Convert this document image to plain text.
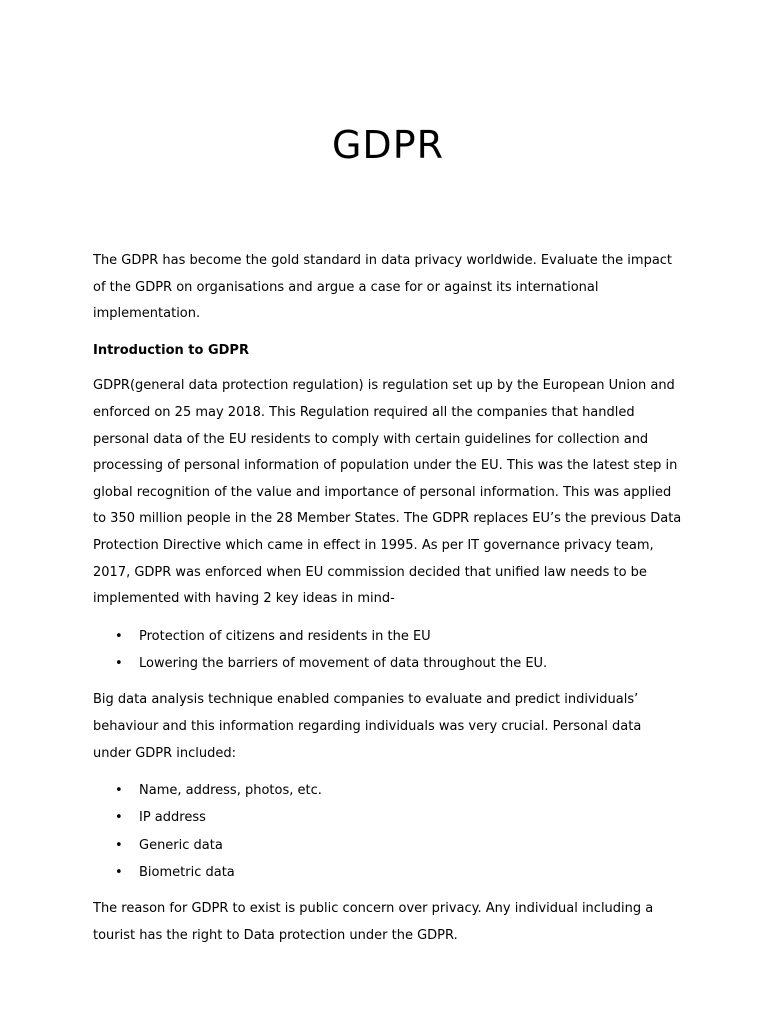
GDPR

The GDPR has become the gold standard in data privacy worldwide. Evaluate the impact of the GDPR on organisations and argue a case for or against its international implementation.

Introduction to GDPR

GDPR(general data protection regulation) is regulation set up by the European Union and enforced on 25 may 2018. This Regulation required all the companies that handled personal data of the EU residents to comply with certain guidelines for collection and processing of personal information of population under the EU. This was the latest step in global recognition of the value and importance of personal information. This was applied to 350 million people in the 28 Member States. The GDPR replaces EU’s the previous Data Protection Directive which came in effect in 1995. As per IT governance privacy team, 2017, GDPR was enforced when EU commission decided that unified law needs to be implemented with having 2 key ideas in mind-

• Protection of citizens and residents in the EU
• Lowering the barriers of movement of data throughout the EU.

Big data analysis technique enabled companies to evaluate and predict individuals’ behaviour and this information regarding individuals was very crucial. Personal data under GDPR included:

• Name, address, photos, etc.
• IP address
• Generic data
• Biometric data

The reason for GDPR to exist is public concern over privacy. Any individual including a tourist has the right to Data protection under the GDPR.
